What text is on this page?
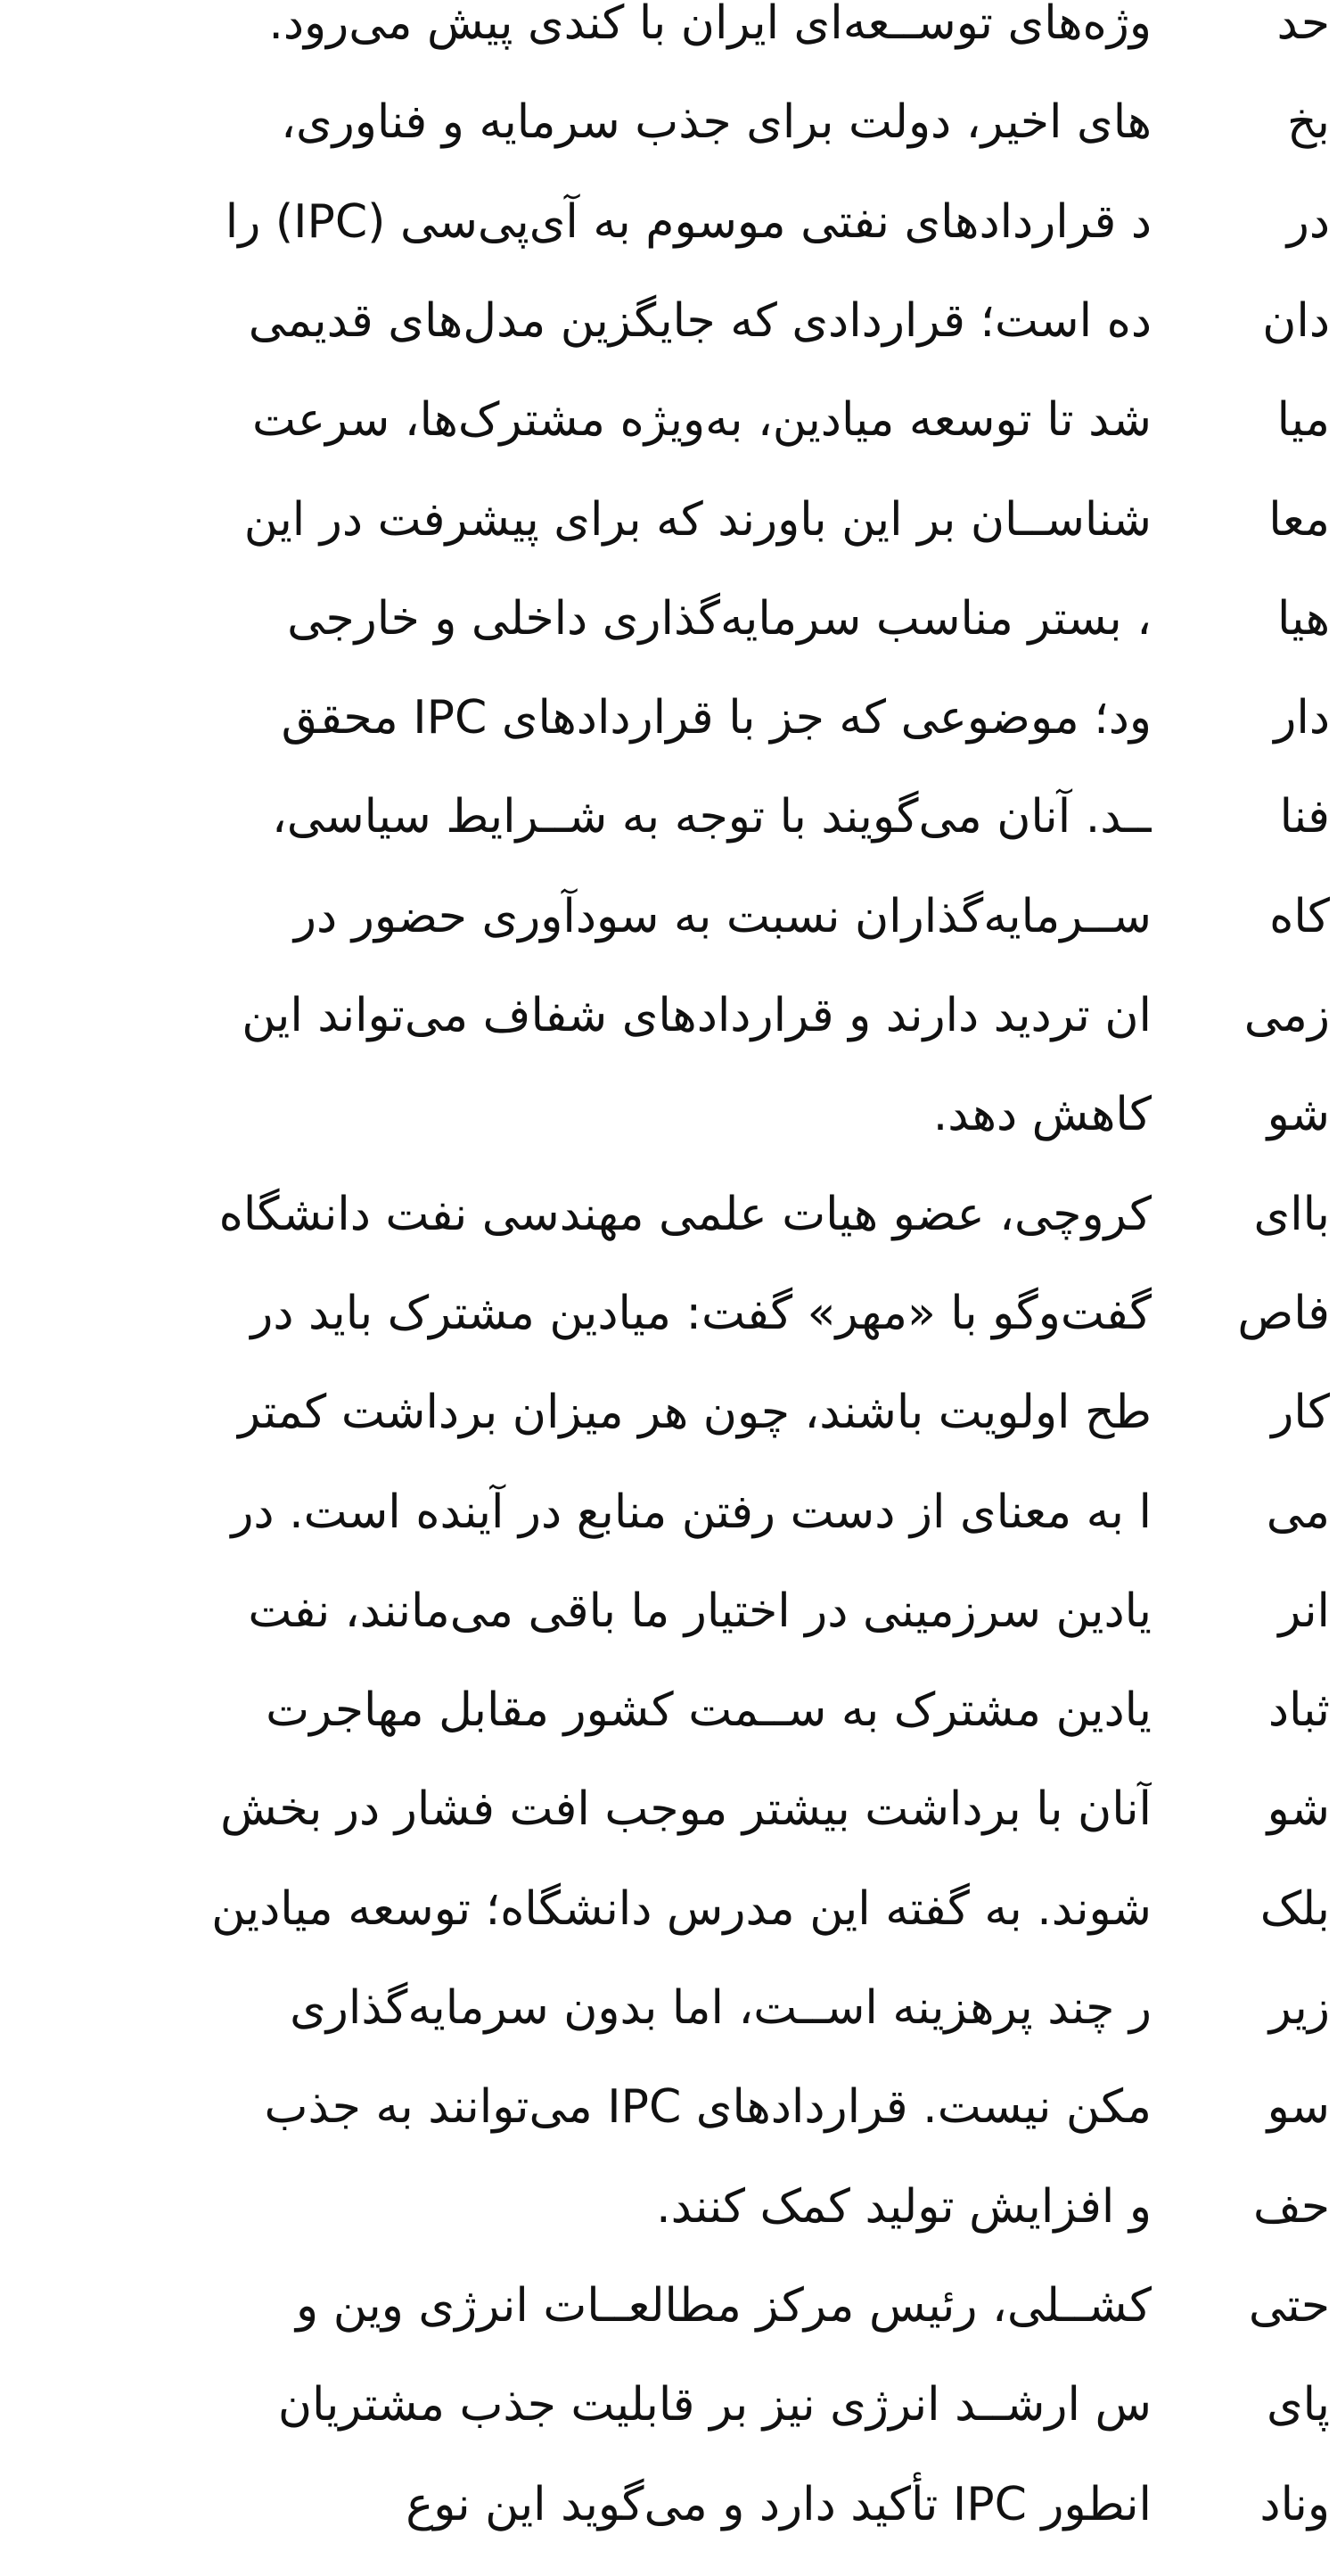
وژه‌های توســعه‌ای ایران با کندی پیش می‌رود.
های اخیر، دولت برای جذب سرمایه و فناوری،
د قراردادهای نفتی موسوم به آی‌پی‌سی (IPC) را
ده است؛ قراردادی که جایگزین مدل‌های قدیمی
شد تا توسعه میادین، به‌ویژه مشترک‌ها، سرعت
شناســان بر این باورند که برای پیشرفت در این
، بستر مناسب سرمایه‌گذاری داخلی و خارجی
ود؛ موضوعی که جز با قراردادهای IPC محقق
ــد. آنان می‌گویند با توجه به شــرایط سیاسی،
ســرمایه‌گذاران نسبت به سودآوری حضور در
ان تردید دارند و قراردادهای شفاف می‌تواند این
کاهش دهد.
کروچی، عضو هیات علمی مهندسی نفت دانشگاه
گفت‌وگو با «مهر» گفت: میادین مشترک باید در
طح اولویت باشند، چون هر میزان برداشت کمتر
ا به معنای از دست رفتن منابع در آینده است. در
یادین سرزمینی در اختیار ما باقی می‌مانند، نفت
یادین مشترک به ســمت کشور مقابل مهاجرت
آنان با برداشت بیشتر موجب افت فشار در بخش
شوند. به گفته این مدرس دانشگاه؛ توسعه میادین
ر چند پرهزینه اســت، اما بدون سرمایه‌گذاری
مکن نیست. قراردادهای IPC می‌توانند به جذب
و افزایش تولید کمک کنند.
کشــلی، رئیس مرکز مطالعــات انرژی وین و
س ارشــد انرژی نیز بر قابلیت جذب مشتریان
انطور IPC تأکید دارد و می‌گوید این نوع
حد
بخ
در
دان
میا
معا
هیا
دار
فنا
کاه
زمی
شو
باای
فاص
کار
می
انر
ثباد
شو
بلک
زیر
سو
حف
حتی
پای
وناد
